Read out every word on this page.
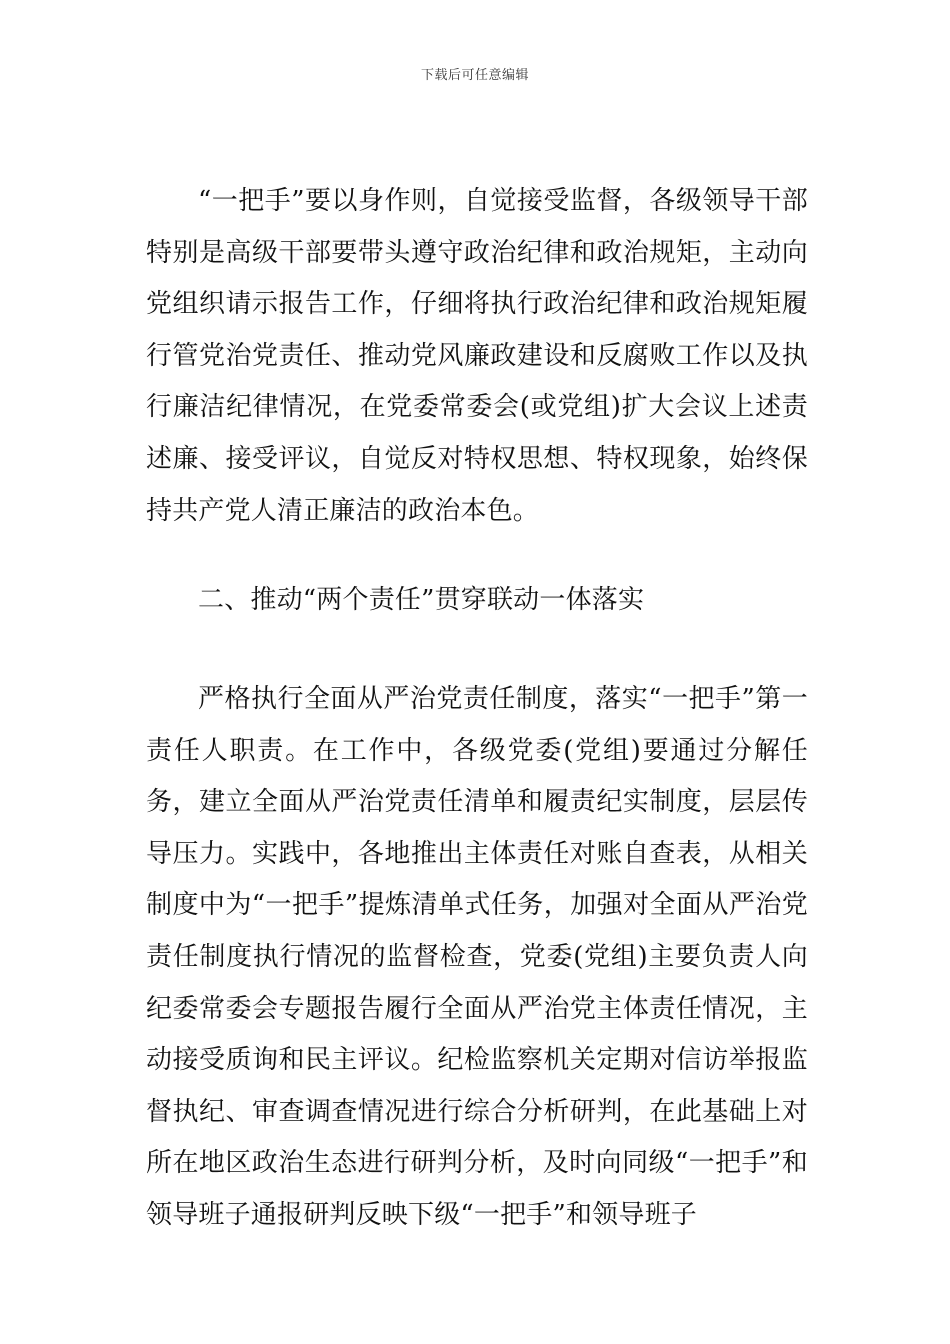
下载后可任意编辑

“一把手”要以身作则，自觉接受监督，各级领导干部特别是高级干部要带头遵守政治纪律和政治规矩，主动向党组织请示报告工作，仔细将执行政治纪律和政治规矩履行管党治党责任、推动党风廉政建设和反腐败工作以及执行廉洁纪律情况，在党委常委会(或党组)扩大会议上述责述廉、接受评议，自觉反对特权思想、特权现象，始终保持共产党人清正廉洁的政治本色。

二、推动“两个责任”贯穿联动一体落实

严格执行全面从严治党责任制度，落实“一把手”第一责任人职责。在工作中，各级党委(党组)要通过分解任务，建立全面从严治党责任清单和履责纪实制度，层层传导压力。实践中，各地推出主体责任对账自查表，从相关制度中为“一把手”提炼清单式任务，加强对全面从严治党责任制度执行情况的监督检查，党委(党组)主要负责人向纪委常委会专题报告履行全面从严治党主体责任情况，主动接受质询和民主评议。纪检监察机关定期对信访举报监督执纪、审查调查情况进行综合分析研判，在此基础上对所在地区政治生态进行研判分析，及时向同级“一把手”和领导班子通报研判反映下级“一把手”和领导班子
